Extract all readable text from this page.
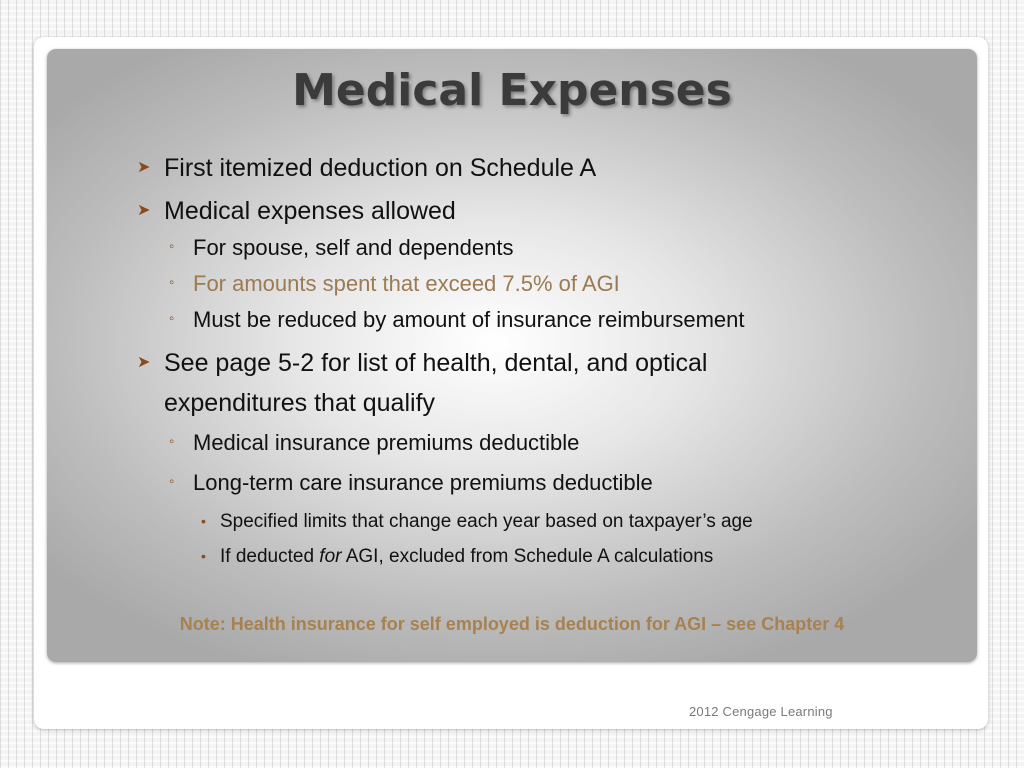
Medical Expenses
➤ First itemized deduction on Schedule A
➤ Medical expenses allowed
◦ For spouse, self and dependents
◦ For amounts spent that exceed 7.5% of AGI
◦ Must be reduced by amount of insurance reimbursement
➤ See page 5-2 for list of health, dental, and optical
expenditures that qualify
◦ Medical insurance premiums deductible
◦ Long-term care insurance premiums deductible
• Specified limits that change each year based on taxpayer’s age
• If deducted for AGI, excluded from Schedule A calculations
Note: Health insurance for self employed is deduction for AGI – see Chapter 4
2012 Cengage Learning
